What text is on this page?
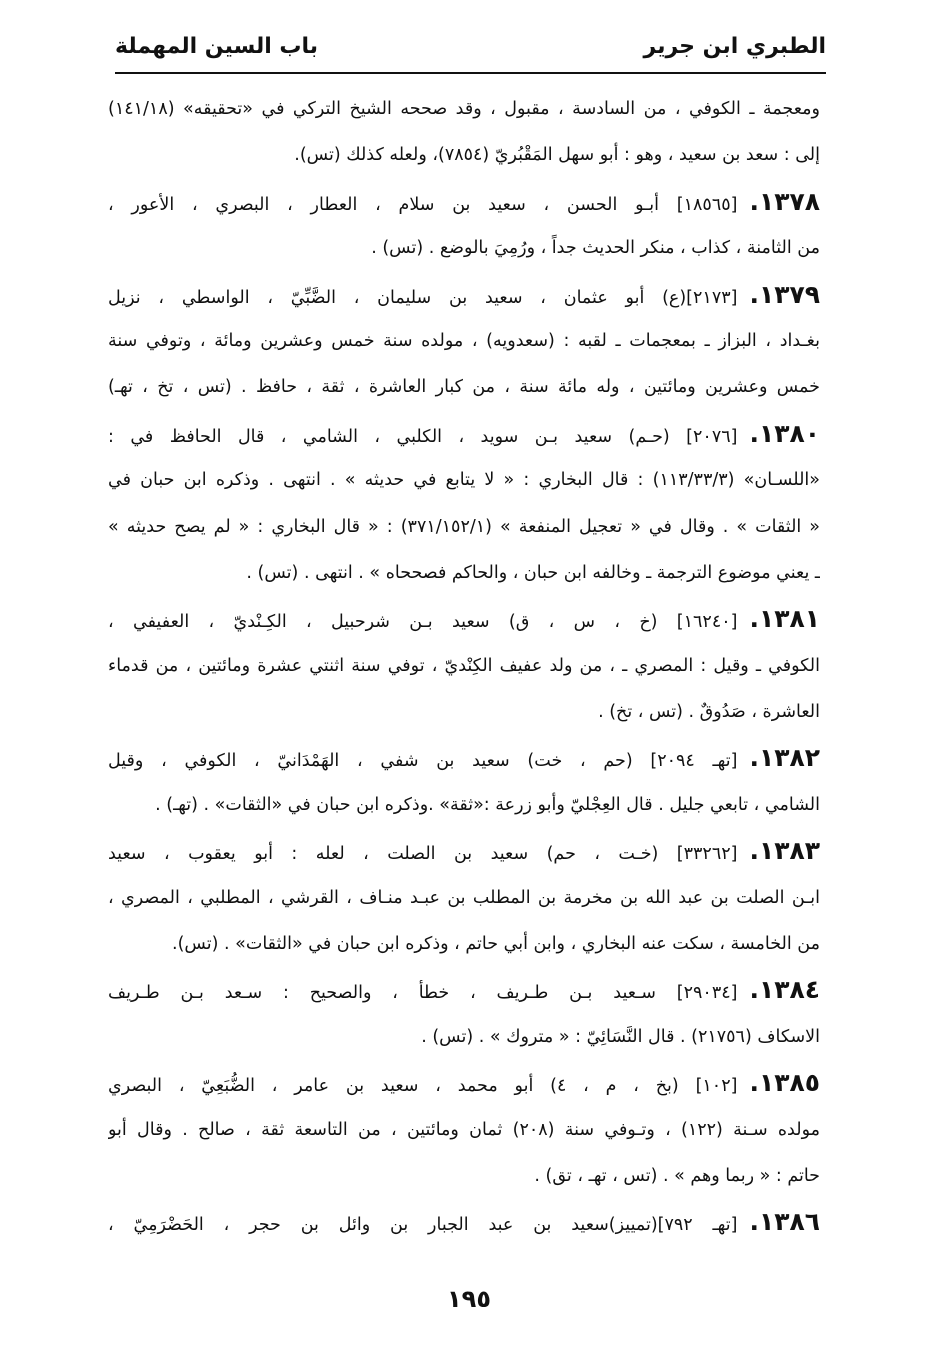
الطبري ابن جرير
باب السين المهملة
ومعجمة ـ الكوفي ، من السادسة ، مقبول ، وقد صححه الشيخ التركي في «تحقيقه» (١٤١/١٨)
إلى : سعد بن سعيد ، وهو : أبو سهل المَقْبُريّ (٧٨٥٤)، ولعله كذلك (تس).
١٣٧٨.[١٨٥٦٥] أبـو الحسن ، سعيد بن سلام ، العطار ، البصري ، الأعور ،
من الثامنة ، كذاب ، منكر الحديث جداً ، ورُمِيَ بالوضع . (تس) .
١٣٧٩.[٢١٧٣](ع) أبو عثمان ، سعيد بن سليمان ، الضَّبِّيّ ، الواسطي ، نزيل
بغـداد ، البزاز ـ بمعجمات ـ لقبه : (سعدويه) ، مولده سنة خمس وعشرين ومائة ، وتوفي سنة
خمس وعشرين ومائتين ، وله مائة سنة ، من كبار العاشرة ، ثقة ، حافظ . (تس ، تخ ، تهـ)
١٣٨٠.[٢٠٧٦] (حـم) سعيد بـن سويد ، الكلبي ، الشامي ، قال الحافظ في :
«اللسـان» (١١٣/٣٣/٣) : قال البخاري : « لا يتابع في حديثه » . انتهى . وذكره ابن حبان في
« الثقات » . وقال في « تعجيل المنفعة » (٣٧١/١٥٢/١) : « قال البخاري : « لم يصح حديثه »
ـ يعني موضوع الترجمة ـ وخالفه ابن حبان ، والحاكم فصححاه » . انتهى . (تس) .
١٣٨١.[١٦٢٤٠] (خ ، س ، ق) سعيد بـن شرحبيل ، الكِـنْديّ ، العفيفي ،
الكوفي ـ وقيل : المصري ـ ، من ولد عفيف الكِنْديّ ، توفي سنة اثنتي عشرة ومائتين ، من قدماء
العاشرة ، صَدُوقٌ . (تس ، تخ) .
١٣٨٢.[تهـ ٢٠٩٤] (حم ، خت) سعيد بن شفي ، الهَمْدَانيّ ، الكوفي ، وقيل
الشامي ، تابعي جليل . قال العِجْليّ وأبو زرعة :«ثقة» .وذكره ابن حبان في «الثقات» . (تهـ) .
١٣٨٣.[٣٣٢٦٢] (خـت ، حم) سعيد بن الصلت ، لعله : أبو يعقوب ، سعيد
ابـن الصلت بن عبد الله بن مخرمة بن المطلب بن عبـد منـاف ، القرشي ، المطلبي ، المصري ،
من الخامسة ، سكت عنه البخاري ، وابن أبي حاتم ، وذكره ابن حبان في «الثقات» . (تس).
١٣٨٤.[٢٩٠٣٤] سـعيد بـن طـريف ، خطأ ، والصحيح : سـعد بـن طـريف
الاسكاف (٢١٧٥٦) . قال النَّسَائِيّ : « متروك » . (تس) .
١٣٨٥.[١٠٢] (بخ ، م ، ٤) أبو محمد ، سعيد بن عامر ، الضُّبَعِيّ ، البصري
مولده سـنة (١٢٢) ، وتـوفي سنة (٢٠٨) ثمان ومائتين ، من التاسعة ثقة ، صالح . وقال أبو
حاتم : « ربما وهم » . (تس ، تهـ ، تق) .
١٣٨٦.[تهـ ٧٩٢](تمييز)سعيد بن عبد الجبار بن وائل بن حجر ، الحَضْرَمِيّ ،
١٩٥
